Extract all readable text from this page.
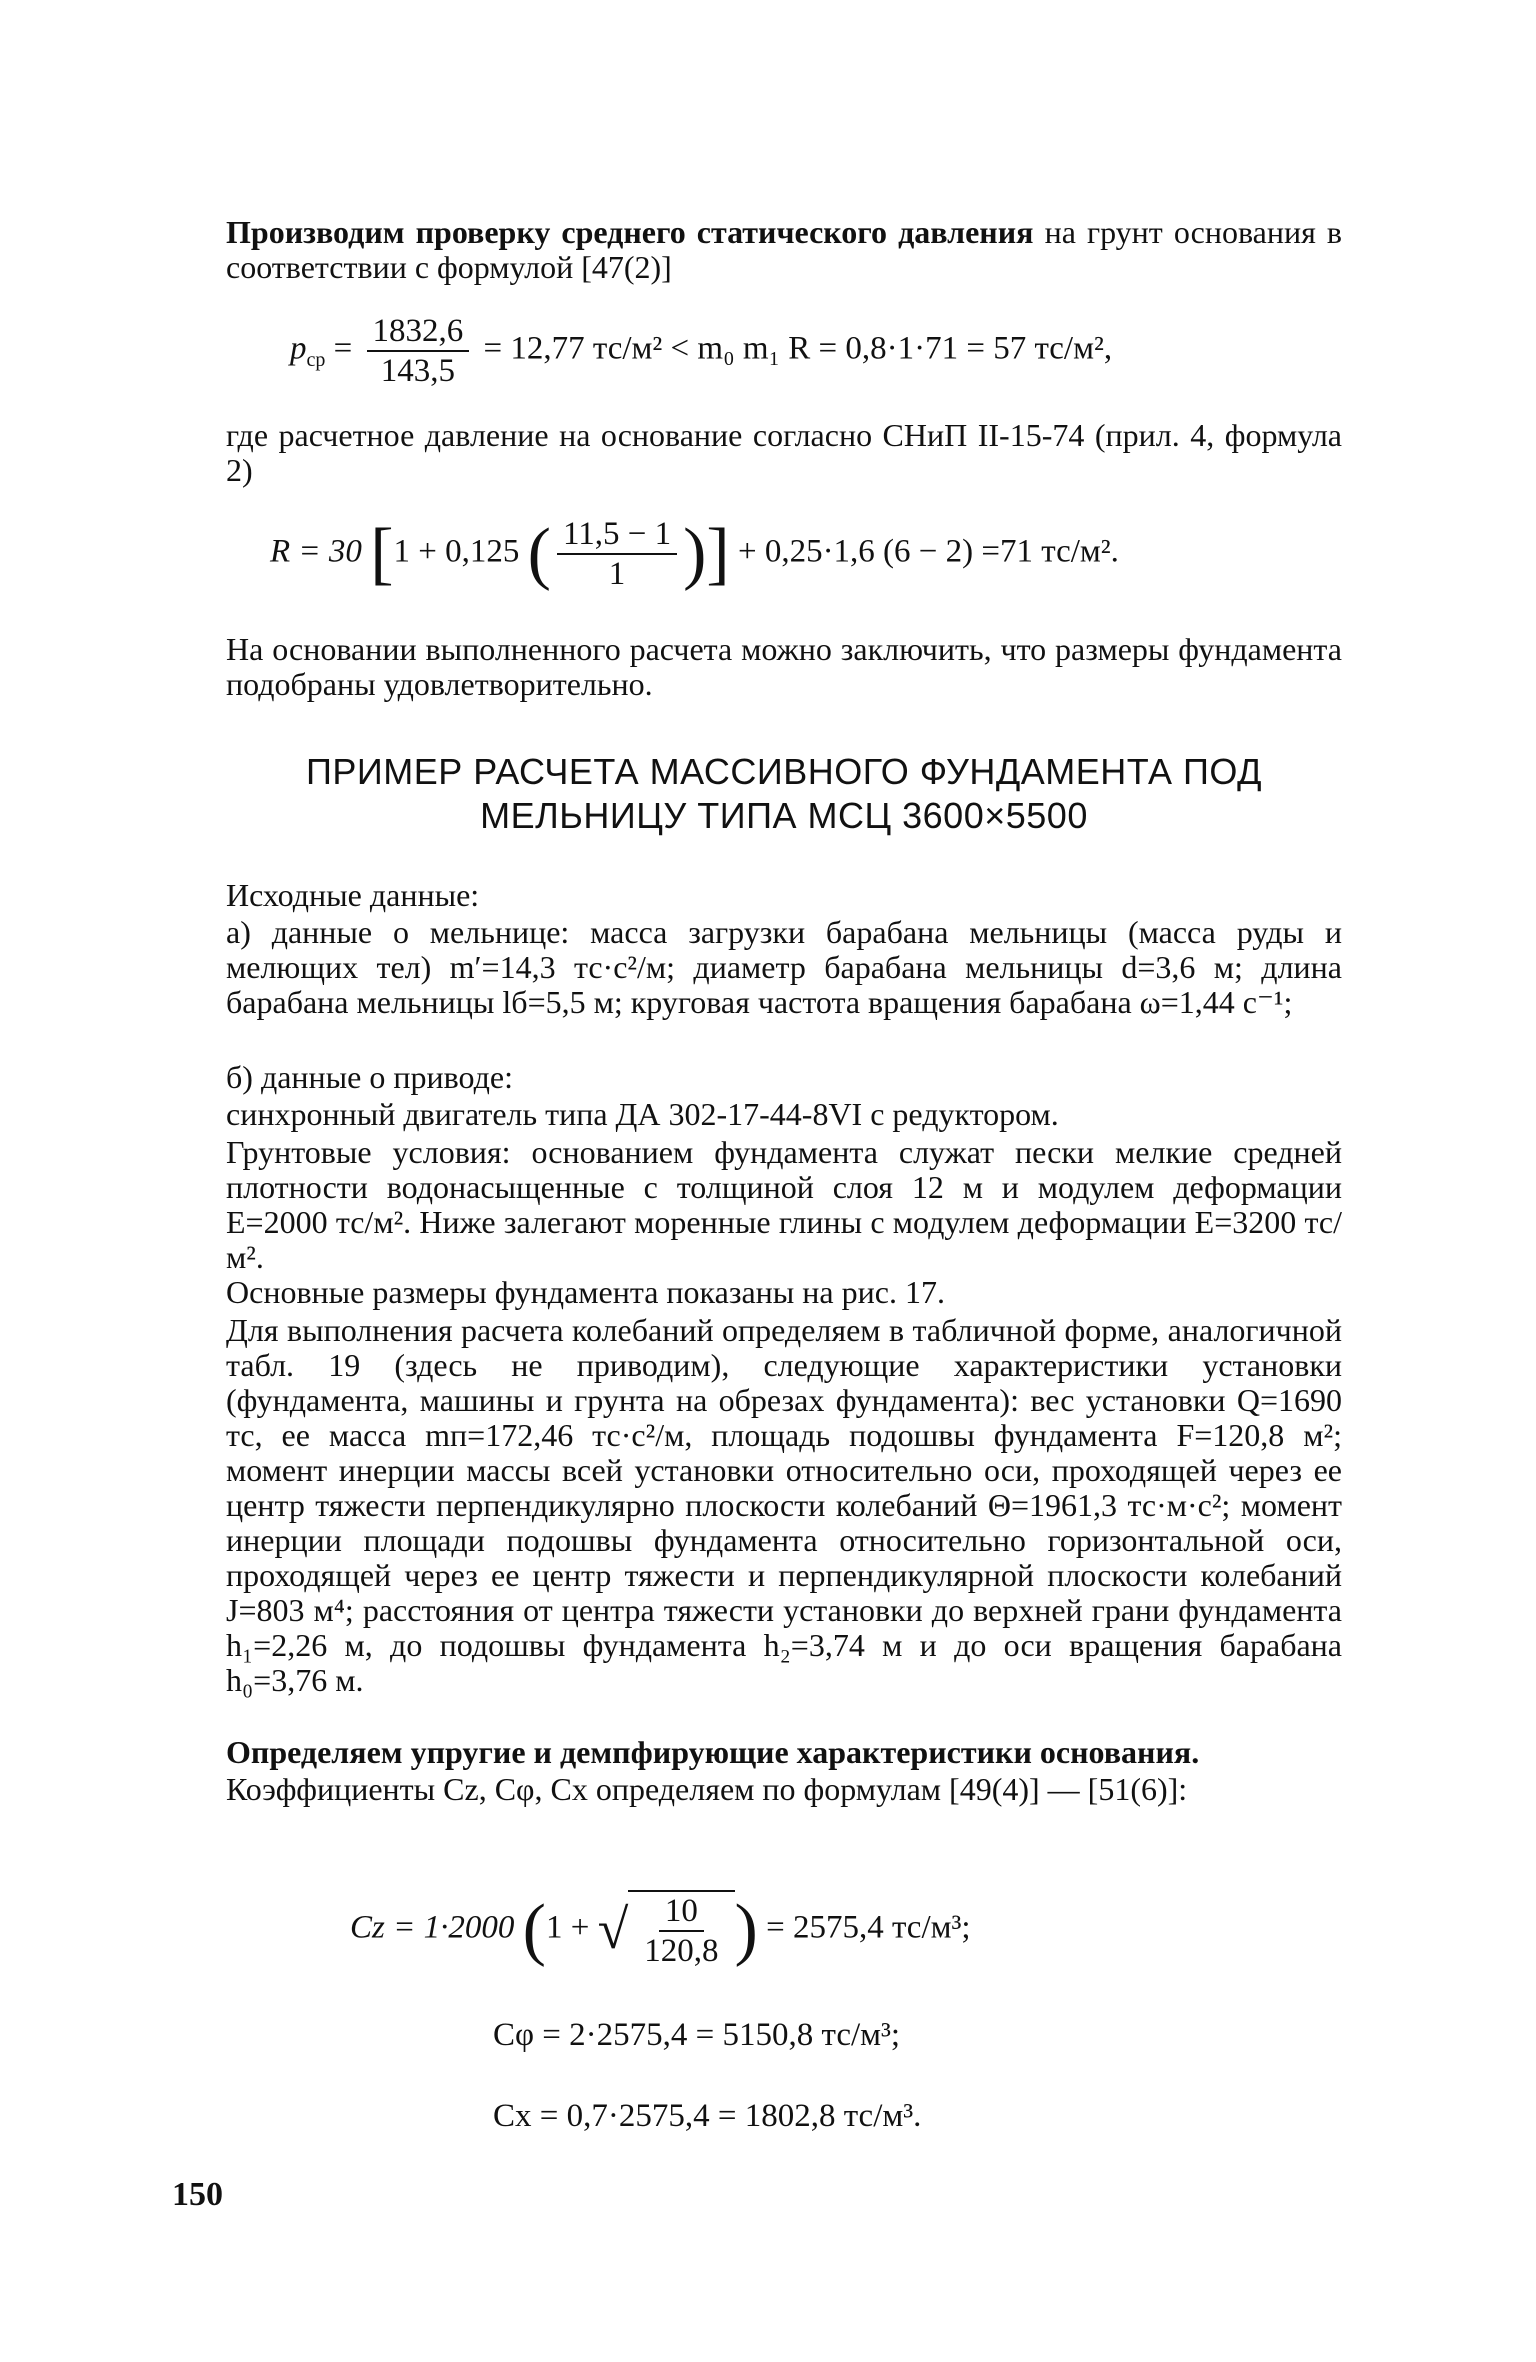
Производим проверку среднего статического давления на грунт основания в соответствии с формулой [47(2)]

$p_{ср} = \frac{1832,6}{143,5} = 12,77$ тс/м² < m₀ m₁ R = 0,8·1·71 = 57 тс/м²,

где расчетное давление на основание согласно СНиП II-15-74 (прил. 4, формула 2)

R = 30 [1 + 0,125 ( $\frac{11,5 - 1}{1}$ )] + 0,25·1,6 (6 − 2) =71 тс/м².

На основании выполненного расчета можно заключить, что размеры фундамента подобраны удовлетворительно.

ПРИМЕР РАСЧЕТА МАССИВНОГО ФУНДАМЕНТА ПОД
МЕЛЬНИЦУ ТИПА МСЦ 3600×5500

Исходные данные:

а) данные о мельнице: масса загрузки барабана мельницы (масса руды и мелющих тел) m′=14,3 тс·с²/м; диаметр барабана мельницы d=3,6 м; длина барабана мельницы lб=5,5 м; круговая частота вращения барабана ω=1,44 с⁻¹;

б) данные о приводе:

синхронный двигатель типа ДА 302-17-44-8VI с редуктором.

Грунтовые условия: основанием фундамента служат пески мелкие средней плотности водонасыщенные с толщиной слоя 12 м и модулем деформации E=2000 тс/м². Ниже залегают моренные глины с модулем деформации E=3200 тс/м².

Основные размеры фундамента показаны на рис. 17.

Для выполнения расчета колебаний определяем в табличной форме, аналогичной табл. 19 (здесь не приводим), следующие характеристики установки (фундамента, машины и грунта на обрезах фундамента): вес установки Q=1690 тс, ее масса mп=172,46 тс·с²/м, площадь подошвы фундамента F=120,8 м²; момент инерции массы всей установки относительно оси, проходящей через ее центр тяжести перпендикулярно плоскости колебаний Θ=1961,3 тс·м·с²; момент инерции площади подошвы фундамента относительно горизонтальной оси, проходящей через ее центр тяжести и перпендикулярной плоскости колебаний J=803 м⁴; расстояния от центра тяжести установки до верхней грани фундамента h₁=2,26 м, до подошвы фундамента h₂=3,74 м и до оси вращения барабана h₀=3,76 м.

Определяем упругие и демпфирующие характеристики основания.

Коэффициенты Cz, Cφ, Cx определяем по формулам [49(4)] — [51(6)]:

Cz = 1·2000 (1 + √ $\frac{10}{120,8}$ ) = 2575,4 тс/м³;
Cφ = 2·2575,4 = 5150,8 тс/м³;
Cx = 0,7·2575,4 = 1802,8 тс/м³.
150
